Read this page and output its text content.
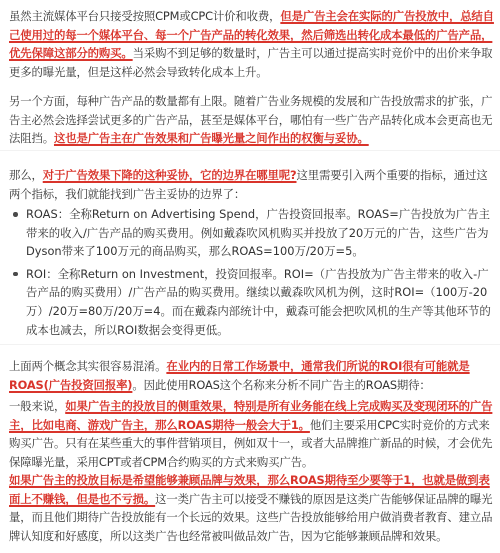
虽然主流媒体平台只接受按照CPM或CPC计价和收费，但是广告主会在实际的广告投放中，总结自己使用过的每一个媒体平台、每一个广告产品的转化效果，然后筛选出转化成本最低的广告产品，优先保障这部分的购买。当采购不到足够的数量时，广告主可以通过提高实时竞价中的出价来争取更多的曝光量，但是这样必然会导致转化成本上升。

另一个方面，每种广告产品的数量都有上限。随着广告业务规模的发展和广告投放需求的扩张，广告主必然会选择尝试更多的广告产品，甚至是媒体平台，哪怕有一些广告产品转化成本会更高也无法阻挡。这也是广告主在广告效果和广告曝光量之间作出的权衡与妥协。

那么，对于广告效果下降的这种妥协，它的边界在哪里呢?这里需要引入两个重要的指标，通过这两个指标，我们就能找到广告主妥协的边界了：

ROAS：全称Return on Advertising Spend，广告投资回报率。ROAS=广告投放为广告主带来的收入/广告产品的购买费用。例如戴森吹风机购买并投放了20万元的广告，这些广告为Dyson带来了100万元的商品购买，那么ROAS=100万/20万=5。
ROI：全称Return on Investment，投资回报率。ROI=（广告投放为广告主带来的收入-广告产品的购买费用）/广告产品的购买费用。继续以戴森吹风机为例，这时ROI=（100万-20万）/20万=80万/20万=4。而在戴森内部统计中，戴森可能会把吹风机的生产等其他环节的成本也减去，所以ROI数据会变得更低。

上面两个概念其实很容易混淆。在业内的日常工作场景中，通常我们所说的ROI很有可能就是ROAS(广告投资回报率)。因此使用ROAS这个名称来分析不同广告主的ROAS期待：

一般来说，如果广告主的投放目的侧重效果，特别是所有业务能在线上完成购买及变现闭环的广告主，比如电商、游戏广告主，那么ROAS期待一般会大于1。他们主要采用CPC实时竞价的方式来购买广告。只有在某些重大的事件营销项目，例如双十一，或者大品牌推广新品的时候，才会优先保障曝光量，采用CPT或者CPM合约购买的方式来购买广告。

如果广告主的投放目标是希望能够兼顾品牌与效果，那么ROAS期待至少要等于1，也就是做到表面上不赚钱，但是也不亏损。这一类广告主可以接受不赚钱的原因是这类广告能够保证品牌的曝光量，而且他们期待广告投放能有一个长远的效果。这些广告投放能够给用户做消费者教育、建立品牌认知度和好感度，所以这类广告也经常被叫做品效广告，因为它能够兼顾品牌和效果。
